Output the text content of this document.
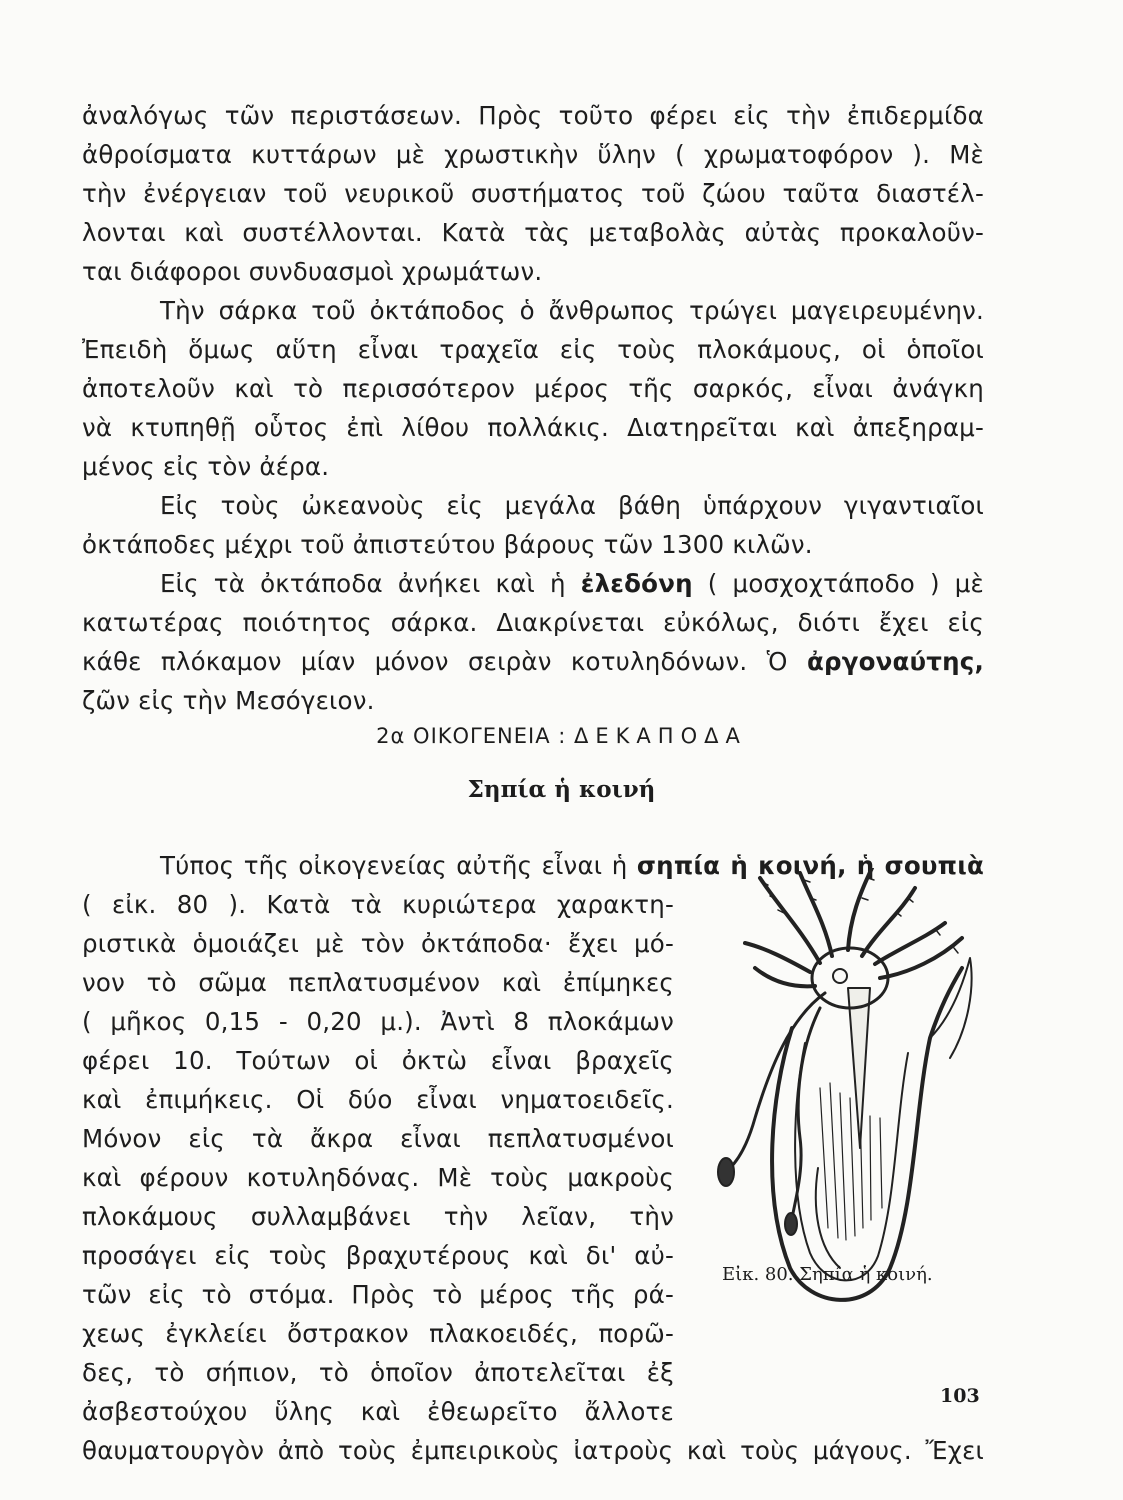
ἀναλόγως τῶν περιστάσεων. Πρὸς τοῦτο φέρει εἰς τὴν ἐπιδερμίδα
ἀθροίσματα κυττάρων μὲ χρωστικὴν ὕλην ( χρωματοφόρον ). Μὲ
τὴν ἐνέργειαν τοῦ νευρικοῦ συστήματος τοῦ ζώου ταῦτα διαστέλ-
λονται καὶ συστέλλονται. Κατὰ τὰς μεταβολὰς αὐτὰς προκαλοῦν-
ται διάφοροι συνδυασμοὶ χρωμάτων.
Τὴν σάρκα τοῦ ὀκτάποδος ὁ ἄνθρωπος τρώγει μαγειρευμένην.
Ἐπειδὴ ὅμως αὕτη εἶναι τραχεῖα εἰς τοὺς πλοκάμους, οἱ ὁποῖοι
ἀποτελοῦν καὶ τὸ περισσότερον μέρος τῆς σαρκός, εἶναι ἀνάγκη
νὰ κτυπηθῇ οὗτος ἐπὶ λίθου πολλάκις. Διατηρεῖται καὶ ἀπεξηραμ-
μένος εἰς τὸν ἀέρα.
Εἰς τοὺς ὠκεανοὺς εἰς μεγάλα βάθη ὑπάρχουν γιγαντιαῖοι
ὀκτάποδες μέχρι τοῦ ἀπιστεύτου βάρους τῶν 1300 κιλῶν.
Εἰς τὰ ὀκτάποδα ἀνήκει καὶ ἡ ἐλεδόνη ( μοσχοχτάποδο ) μὲ
κατωτέρας ποιότητος σάρκα. Διακρίνεται εὐκόλως, διότι ἔχει εἰς
κάθε πλόκαμον μίαν μόνον σειρὰν κοτυληδόνων. Ὁ ἀργοναύτης,
ζῶν εἰς τὴν Μεσόγειον.
2α ΟΙΚΟΓΕΝΕΙΑ : ΔΕΚΑΠΟΔΑ
Σηπία ἡ κοινή
Τύπος τῆς οἰκογενείας αὐτῆς εἶναι ἡ σηπία ἡ κοινή, ἡ σουπιὰ
( εἰκ. 80 ). Κατὰ τὰ κυριώτερα χαρακτη-
ριστικὰ ὁμοιάζει μὲ τὸν ὀκτάποδα· ἔχει μό-
νον τὸ σῶμα πεπλατυσμένον καὶ ἐπίμηκες
( μῆκος 0,15 - 0,20 μ.). Ἀντὶ 8 πλοκάμων
φέρει 10. Τούτων οἱ ὀκτὼ εἶναι βραχεῖς
καὶ ἐπιμήκεις. Οἱ δύο εἶναι νηματοειδεῖς.
Μόνον εἰς τὰ ἄκρα εἶναι πεπλατυσμένοι
καὶ φέρουν κοτυληδόνας. Μὲ τοὺς μακροὺς
πλοκάμους συλλαμβάνει τὴν λεῖαν, τὴν
προσάγει εἰς τοὺς βραχυτέρους καὶ δι' αὐ-
τῶν εἰς τὸ στόμα. Πρὸς τὸ μέρος τῆς ρά-
χεως ἐγκλείει ὄστρακον πλακοειδές, πορῶ-
δες, τὸ σήπιον, τὸ ὁποῖον ἀποτελεῖται ἐξ
ἀσβεστούχου ὕλης καὶ ἐθεωρεῖτο ἄλλοτε
θαυματουργὸν ἀπὸ τοὺς ἐμπειρικοὺς ἰατροὺς καὶ τοὺς μάγους. Ἔχει
Εἰκ. 80. Σηπία ἡ κοινή.
103
